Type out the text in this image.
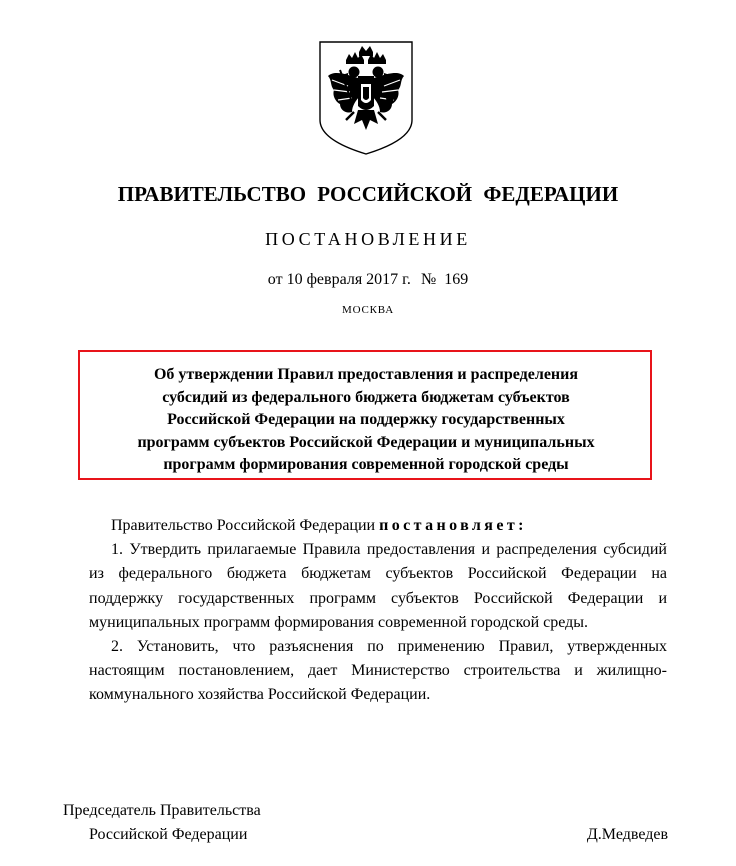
ПРАВИТЕЛЬСТВО РОССИЙСКОЙ ФЕДЕРАЦИИ
ПОСТАНОВЛЕНИЕ
от 10 февраля 2017 г. № 169
МОСКВА
Об утверждении Правил предоставления и распределения
субсидий из федерального бюджета бюджетам субъектов
Российской Федерации на поддержку государственных
программ субъектов Российской Федерации и муниципальных
программ формирования современной городской среды

Правительство Российской Федерации постановляет:

1. Утвердить прилагаемые Правила предоставления и распределения субсидий из федерального бюджета бюджетам субъектов Российской Федерации на поддержку государственных программ субъектов Российской Федерации и муниципальных программ формирования современной городской среды.

2. Установить, что разъяснения по применению Правил, утвержденных настоящим постановлением, дает Министерство строительства и жилищно-коммунального хозяйства Российской Федерации.

Председатель Правительства
Российской Федерации	Д.Медведев
